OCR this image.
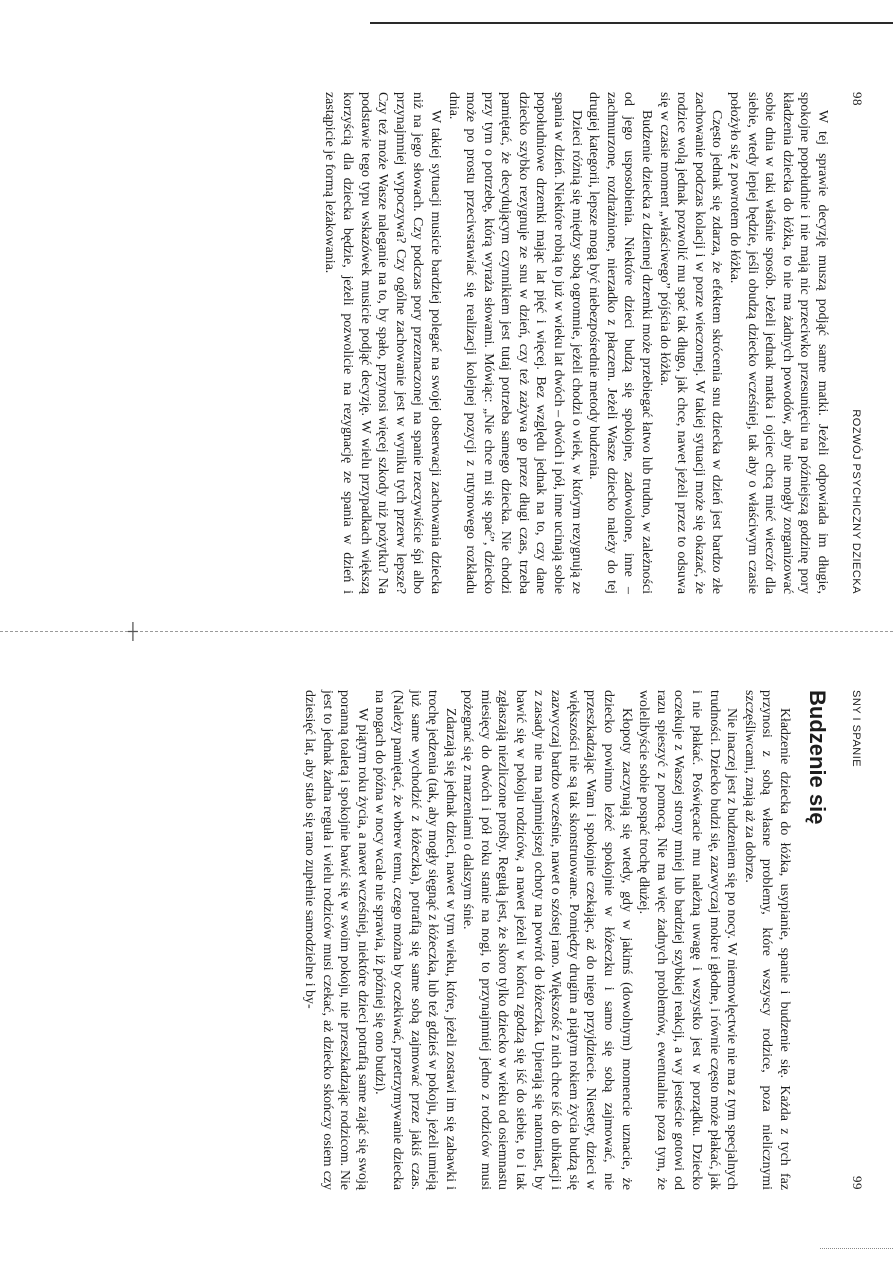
┼
98
ROZWÓJ PSYCHICZNY DZIECKA

W tej sprawie decyzję muszą podjąć same matki. Jeżeli odpowiada im długie, spokojne popołudnie i nie mają nic przeciwko przesunięciu na późniejszą godzinę pory kładzenia dziecka do łóżka, to nie ma żadnych powodów, aby nie mogły zorganizować sobie dnia w taki właśnie sposób. Jeżeli jednak matka i ojciec chcą mieć wieczór dla siebie, wtedy lepiej będzie, jeśli obudzą dziecko wcześniej, tak aby o właściwym czasie położyło się z powrotem do łóżka.

Często jednak się zdarza, że efektem skrócenia snu dziecka w dzień jest bardzo złe zachowanie podczas kolacji i w porze wieczornej. W takiej sytuacji może się okazać, że rodzice wolą jednak pozwolić mu spać tak długo, jak chce, nawet jeżeli przez to odsuwa się w czasie moment „właściwego” pójścia do łóżka.

Budzenie dziecka z dziennej drzemki może przebiegać łatwo lub trudno, w zależności od jego usposobienia. Niektóre dzieci budzą się spokojne, zadowolone, inne – zachmurzone, rozdrażnione, nierzadko z płaczem. Jeżeli Wasze dziecko należy do tej drugiej kategorii, lepsze mogą być niebezpośrednie metody budzenia.

Dzieci różnią się między sobą ogromnie, jeżeli chodzi o wiek, w którym rezygnują ze spania w dzień. Niektóre robią to już w wieku lat dwóch – dwóch i pół, inne ucinają sobie popołudniowe drzemki mając lat pięć i więcej. Bez względu jednak na to, czy dane dziecko szybko rezygnuje ze snu w dzień, czy też zażywa go przez długi czas, trzeba pamiętać, że decydującym czynnikiem jest tutaj potrzeba samego dziecka. Nie chodzi przy tym o potrzebę, którą wyraża słowami. Mówiąc: „Nie chce mi się spać”, dziecko może po prostu przeciwstawiać się realizacji kolejnej pozycji z rutynowego rozkładu dnia.

W takiej sytuacji musicie bardziej polegać na swojej obserwacji zachowania dziecka niż na jego słowach. Czy podczas pory przeznaczonej na spanie rzeczywiście śpi albo przynajmniej wypoczywa? Czy ogólne zachowanie jest w wyniku tych przerw lepsze? Czy też może Wasze naleganie na to, by spało, przynosi więcej szkody niż pożytku? Na podstawie tego typu wskazówek musicie podjąć decyzję. W wielu przypadkach większą korzyścią dla dziecka będzie, jeżeli pozwolicie na rezygnację ze spania w dzień i zastąpicie je formą leżakowania.

SNY I SPANIE
99
Budzenie się

Kładzenie dziecka do łóżka, usypianie, spanie i budzenie się. Każda z tych faz przynosi z sobą własne problemy, które wszyscy rodzice, poza nielicznymi szczęśliwcami, znają aż za dobrze.

Nie inaczej jest z budzeniem się po nocy. W niemowlęctwie nie ma z tym specjalnych trudności. Dziecko budzi się, zazwyczaj mokre i głodne, i równie często może płakać, jak i nie płakać. Poświęcacie mu należną uwagę i wszystko jest w porządku. Dziecko oczekuje z Waszej strony mniej lub bardziej szybkiej reakcji, a wy jesteście gotowi od razu spieszyć z pomocą. Nie ma więc żadnych problemów, ewentualnie poza tym, że wolelibyście sobie pospać trochę dłużej.

Kłopoty zaczynają się wtedy, gdy w jakimś (dowolnym) momencie uznacie, że dziecko powinno leżeć spokojnie w łóżeczku i samo się sobą zajmować, nie przeszkadzając Wam i spokojnie czekając, aż do niego przyjdziecie. Niestety, dzieci w większości nie są tak skonstruowane. Pomiędzy drugim a piątym rokiem życia budzą się zazwyczaj bardzo wcześnie, nawet o szóstej rano. Większość z nich chce iść do ubikacji i z zasady nie ma najmniejszej ochoty na powrót do łóżeczka. Upierają się natomiast, by bawić się w pokoju rodziców, a nawet jeżeli w końcu zgodzą się iść do siebie, to i tak zgłaszają niezliczone prośby. Regułą jest, że skoro tylko dziecko w wieku od osiemnastu miesięcy do dwóch i pół roku stanie na nogi, to przynajmniej jedno z rodziców musi pożegnać się z marzeniami o dalszym śnie.

Zdarzają się jednak dzieci, nawet w tym wieku, które, jeżeli zostawi im się zabawki i trochę jedzenia (tak, aby mogły sięgnąć z łóżeczka, lub też gdzieś w pokoju, jeżeli umieją już same wychodzić z łóżeczka), potrafią się same sobą zajmować przez jakiś czas. (Należy pamiętać, że wbrew temu, czego można by oczekiwać, przetrzymywanie dziecka na nogach do późna w nocy wcale nie sprawia, iż później się ono budzi).

W piątym roku życia, a nawet wcześniej, niektóre dzieci potrafią same zająć się swoją poranną toaletą i spokojnie bawić się w swoim pokoju, nie przeszkadzając rodzicom. Nie jest to jednak żadna reguła i wielu rodziców musi czekać, aż dziecko skończy osiem czy dziesięć lat, aby stało się rano zupełnie samodzielne i by-
